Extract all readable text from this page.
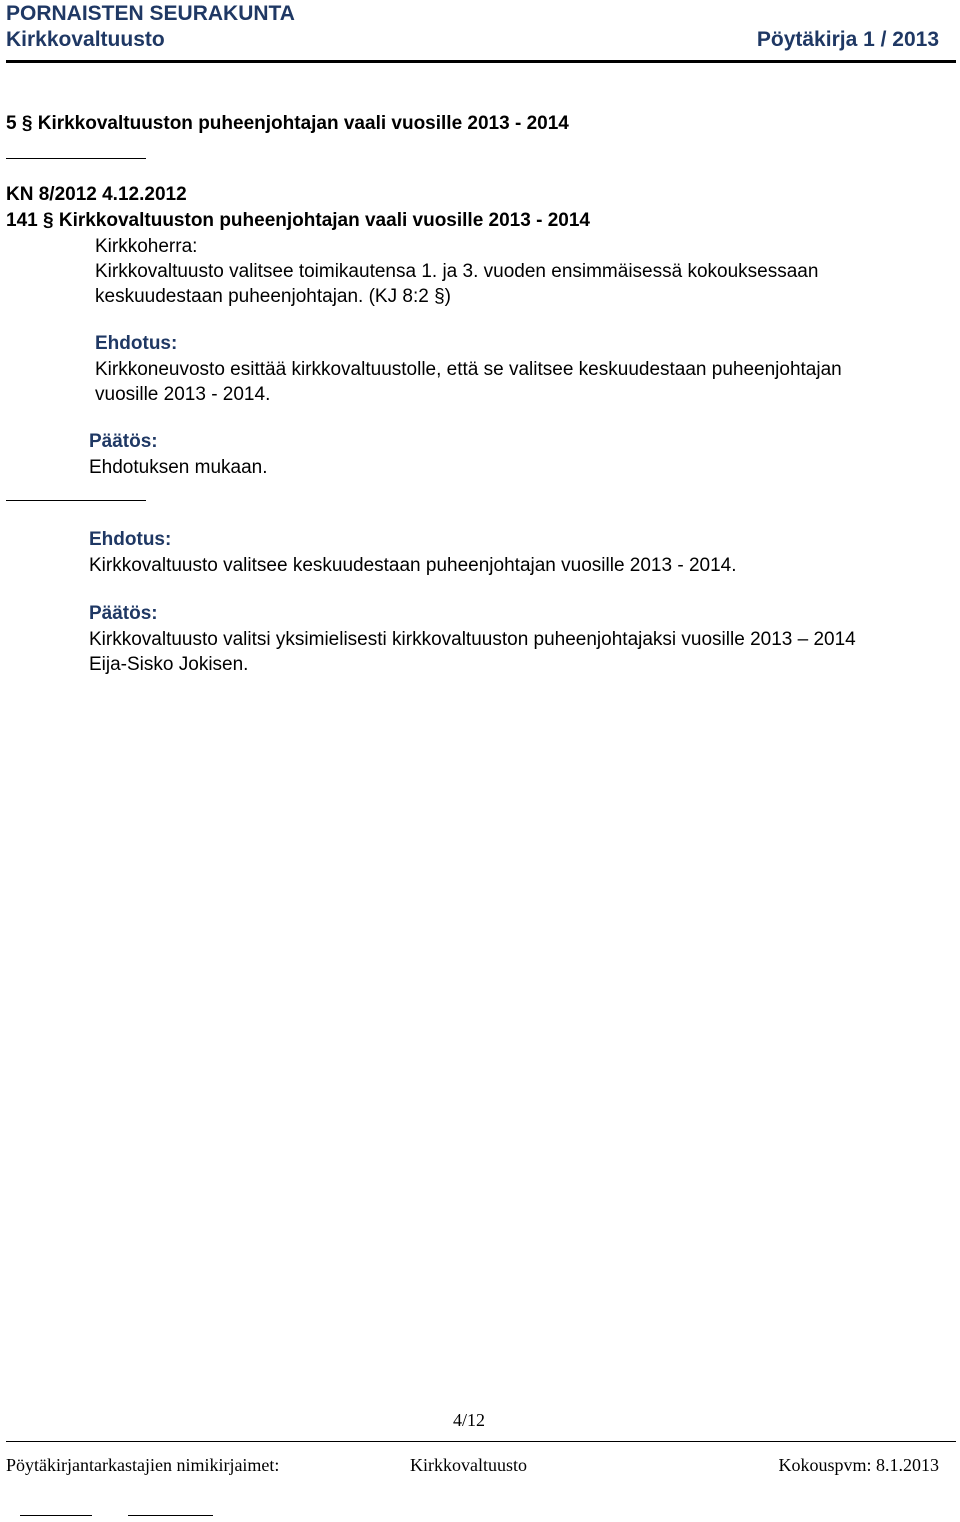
PORNAISTEN SEURAKUNTA
Kirkkovaltuusto	Pöytäkirja 1 / 2013
5 § Kirkkovaltuuston puheenjohtajan vaali vuosille 2013 - 2014
KN 8/2012 4.12.2012
141 § Kirkkovaltuuston puheenjohtajan vaali vuosille 2013 - 2014
Kirkkoherra:
Kirkkovaltuusto valitsee toimikautensa 1. ja 3. vuoden ensimmäisessä kokouksessaan
keskuudestaan puheenjohtajan. (KJ 8:2 §)
Ehdotus:
Kirkkoneuvosto esittää kirkkovaltuustolle, että se valitsee keskuudestaan puheenjohtajan
vuosille 2013 - 2014.
Päätös:
Ehdotuksen mukaan.
Ehdotus:
Kirkkovaltuusto valitsee keskuudestaan puheenjohtajan vuosille 2013 - 2014.
Päätös:
Kirkkovaltuusto valitsi yksimielisesti kirkkovaltuuston puheenjohtajaksi vuosille 2013 – 2014
Eija-Sisko Jokisen.
4/12
Pöytäkirjantarkastajien nimikirjaimet:	Kirkkovaltuusto	Kokouspvm: 8.1.2013
